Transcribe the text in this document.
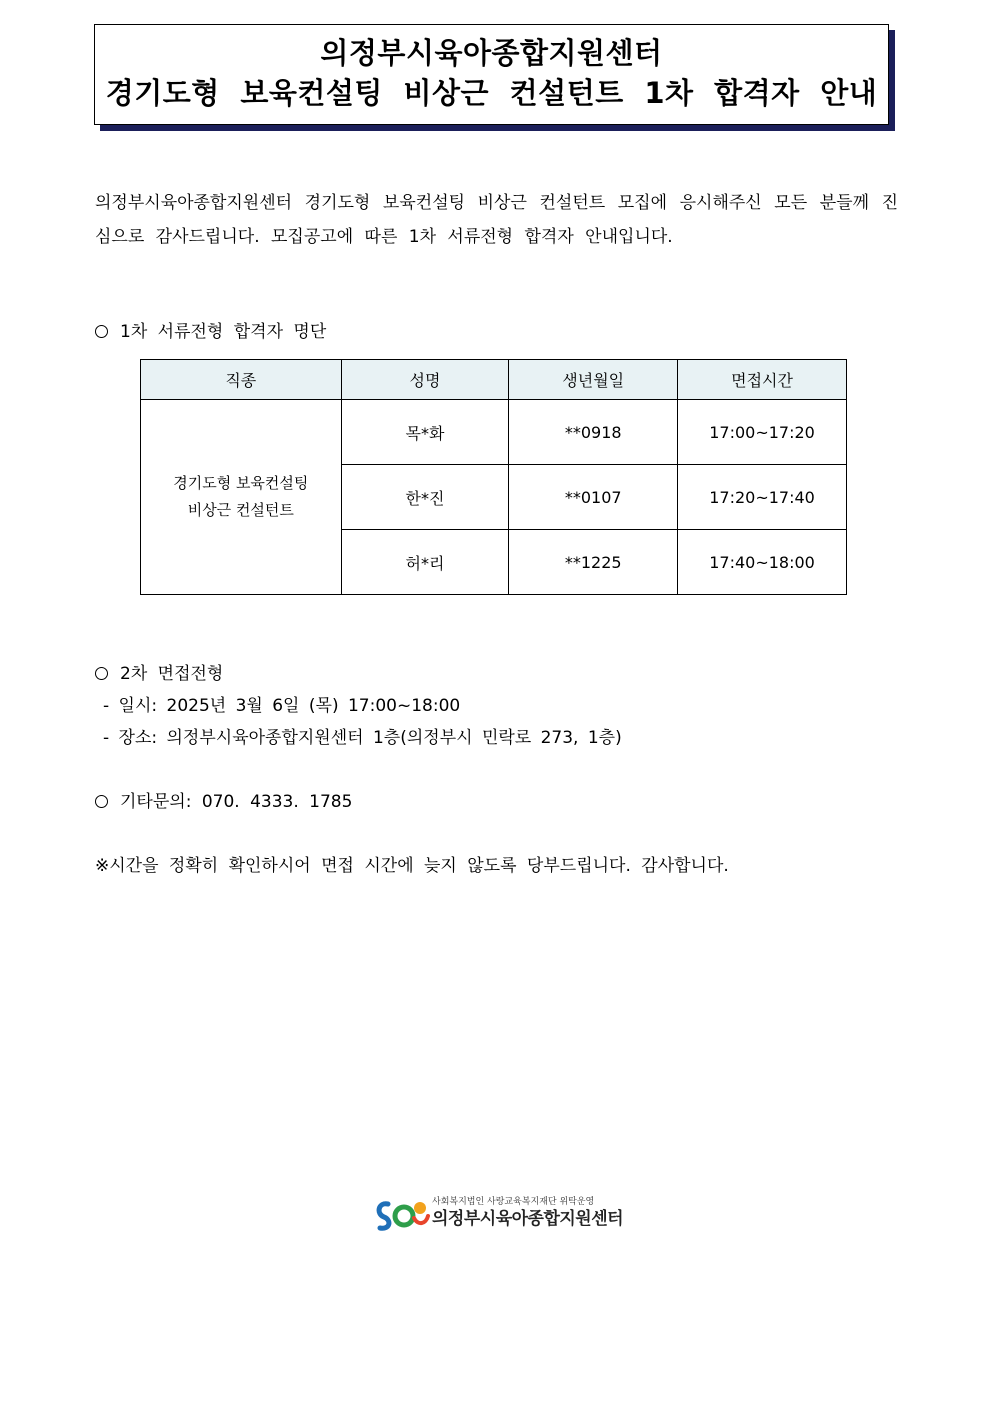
의정부시육아종합지원센터
경기도형 보육컨설팅 비상근 컨설턴트 1차 합격자 안내
의정부시육아종합지원센터 경기도형 보육컨설팅 비상근 컨설턴트 모집에 응시해주신 모든 분들께 진심으로 감사드립니다. 모집공고에 따른 1차 서류전형 합격자 안내입니다.
1차 서류전형 합격자 명단
직종	성명	생년월일	면접시간

경기도형 보육컨설팅
비상근 컨설턴트	목*화	**0918	17:00~17:20
	한*진	**0107	17:20~17:40
	허*리	**1225	17:40~18:00
2차 면접전형
- 일시: 2025년 3월 6일 (목) 17:00~18:00
- 장소: 의정부시육아종합지원센터 1층(의정부시 민락로 273, 1층)
기타문의: 070. 4333. 1785
※시간을 정확히 확인하시어 면접 시간에 늦지 않도록 당부드립니다. 감사합니다.
사회복지법인 사랑교육복지재단 위탁운영
의정부시육아종합지원센터
